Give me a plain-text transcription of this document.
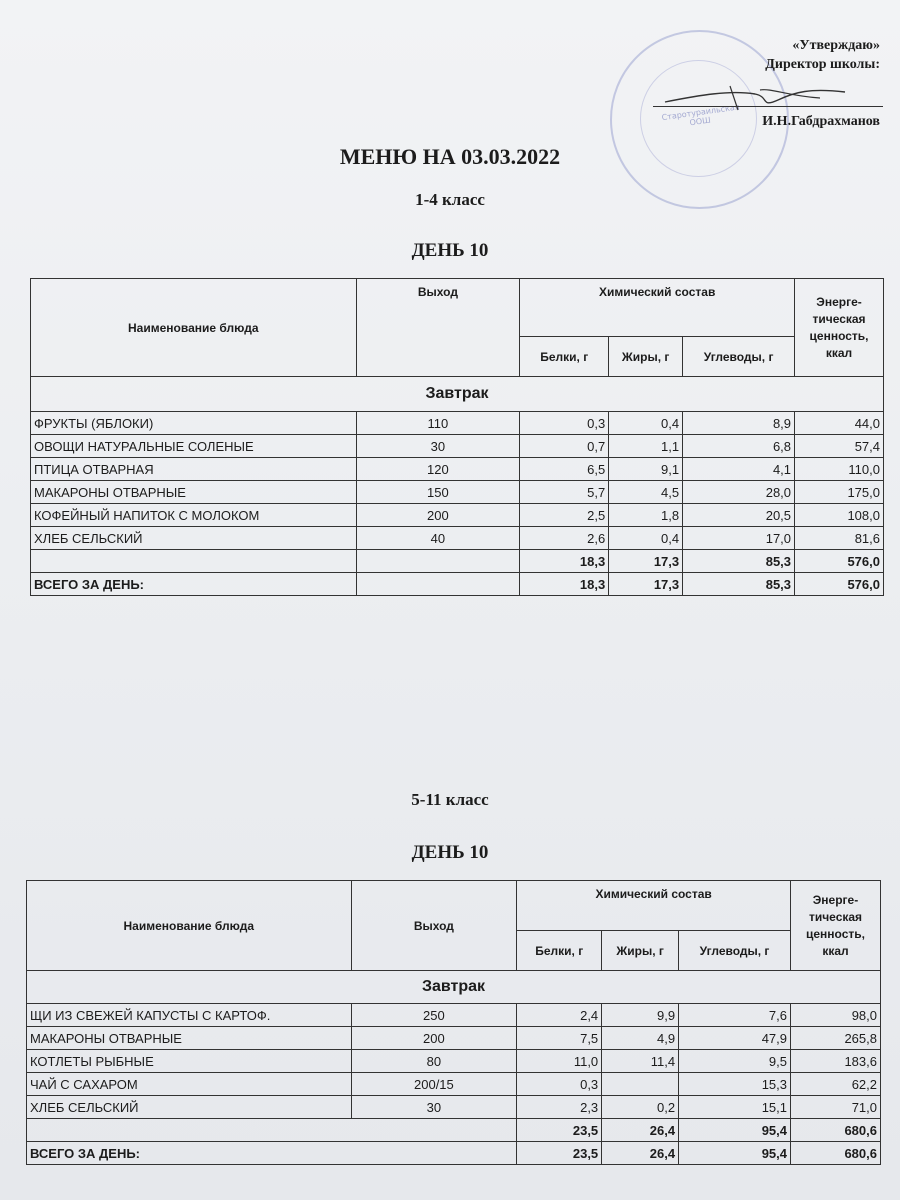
Старотураильская ООШ
«Утверждаю»
Директор школы:
И.Н.Габдрахманов
МЕНЮ НА 03.03.2022
1-4 класс
ДЕНЬ 10
Наименование блюда	Выход	Химический состав			Энерге-тическая ценность, ккал
		Белки, г	Жиры, г	Углеводы, г	
Завтрак					
ФРУКТЫ (ЯБЛОКИ)	110	0,3	0,4	8,9	44,0
ОВОЩИ НАТУРАЛЬНЫЕ СОЛЕНЫЕ	30	0,7	1,1	6,8	57,4
ПТИЦА ОТВАРНАЯ	120	6,5	9,1	4,1	110,0
МАКАРОНЫ ОТВАРНЫЕ	150	5,7	4,5	28,0	175,0
КОФЕЙНЫЙ НАПИТОК С МОЛОКОМ	200	2,5	1,8	20,5	108,0
ХЛЕБ СЕЛЬСКИЙ	40	2,6	0,4	17,0	81,6
		18,3	17,3	85,3	576,0
ВСЕГО ЗА ДЕНЬ:		18,3	17,3	85,3	576,0
5-11 класс
ДЕНЬ 10
Наименование блюда	Выход	Химический состав			Энерге-тическая ценность, ккал
		Белки, г	Жиры, г	Углеводы, г	
Завтрак					
ЩИ ИЗ СВЕЖЕЙ КАПУСТЫ С КАРТОФ.	250	2,4	9,9	7,6	98,0
МАКАРОНЫ ОТВАРНЫЕ	200	7,5	4,9	47,9	265,8
КОТЛЕТЫ РЫБНЫЕ	80	11,0	11,4	9,5	183,6
ЧАЙ С САХАРОМ	200/15	0,3		15,3	62,2
ХЛЕБ СЕЛЬСКИЙ	30	2,3	0,2	15,1	71,0
		23,5	26,4	95,4	680,6
ВСЕГО ЗА ДЕНЬ:		23,5	26,4	95,4	680,6
